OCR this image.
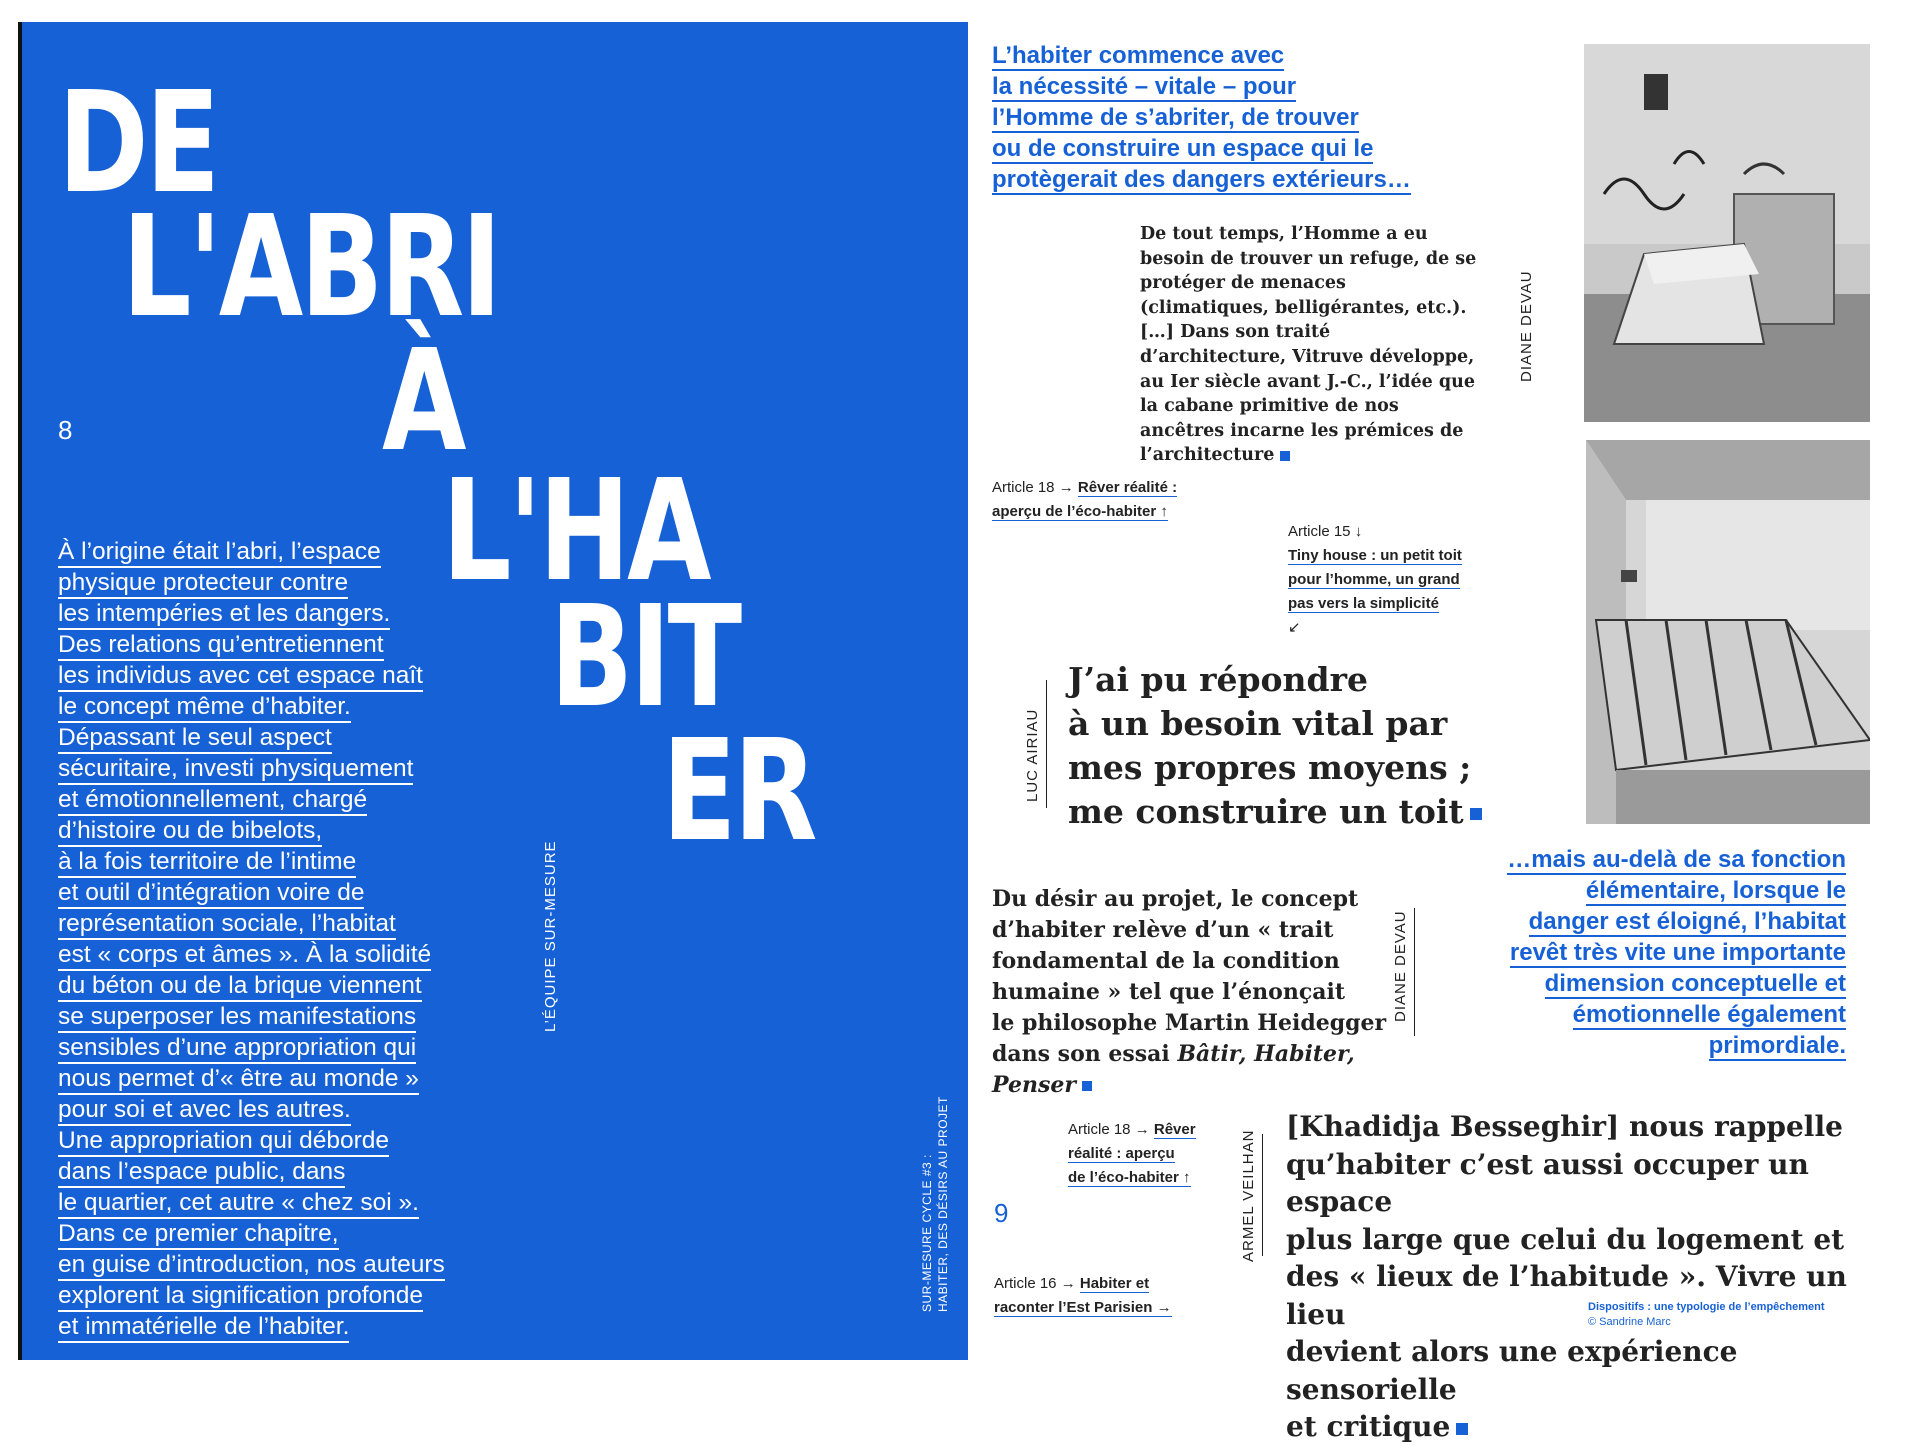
DE
L'ABRI
À
L'HA
BIT
ER
8
À l’origine était l’abri, l’espace
physique protecteur contre
les intempéries et les dangers.
Des relations qu’entretiennent
les individus avec cet espace naît
le concept même d’habiter.
Dépassant le seul aspect
sécuritaire, investi physiquement
et émotionnellement, chargé
d’histoire ou de bibelots,
à la fois territoire de l’intime
et outil d’intégration voire de
représentation sociale, l’habitat
est « corps et âmes ». À la solidité
du béton ou de la brique viennent
se superposer les manifestations
sensibles d’une appropriation qui
nous permet d’« être au monde »
pour soi et avec les autres.
Une appropriation qui déborde
dans l’espace public, dans
le quartier, cet autre « chez soi ».
Dans ce premier chapitre,
en guise d’introduction, nos auteurs
explorent la signification profonde
et immatérielle de l’habiter.
L’ÉQUIPE SUR-MESURE
SUR-MESURE CYCLE #3 : HABITER, DES DÉSIRS AU PROJET
L’habiter commence avec
la nécessité – vitale – pour
l’Homme de s’abriter, de trouver
ou de construire un espace qui le
protègerait des dangers extérieurs…
De tout temps, l’Homme a eu besoin de trouver un refuge, de se protéger de menaces (climatiques, belligérantes, etc.). […] Dans son traité d’architecture, Vitruve développe, au Ier siècle avant J.-C., l’idée que la cabane primitive de nos ancêtres incarne les prémices de l’architecture
DIANE DEVAU
Article 18 → Rêver réalité :
aperçu de l’éco-habiter ↑
Article 15 ↓
Tiny house : un petit toit
pour l’homme, un grand
pas vers la simplicité
↙
LUC AIRIAU
J’ai pu répondre
à un besoin vital par
mes propres moyens ;
me construire un toit
Du désir au projet, le concept
d’habiter relève d’un « trait
fondamental de la condition
humaine » tel que l’énonçait
le philosophe Martin Heidegger
dans son essai Bâtir, Habiter,
Penser
DIANE DEVAU
…mais au-delà de sa fonction
élémentaire, lorsque le
danger est éloigné, l’habitat
revêt très vite une importante
dimension conceptuelle et
émotionnelle également
primordiale.
Article 18 → Rêver
réalité : aperçu
de l’éco-habiter ↑
9
Article 16 → Habiter et
raconter l’Est Parisien →
ARMEL VEILHAN
[Khadidja Besseghir] nous rappelle
qu’habiter c’est aussi occuper un espace
plus large que celui du logement et
des « lieux de l’habitude ». Vivre un lieu
devient alors une expérience sensorielle
et critique
Dispositifs : une typologie de l’empêchement
© Sandrine Marc
